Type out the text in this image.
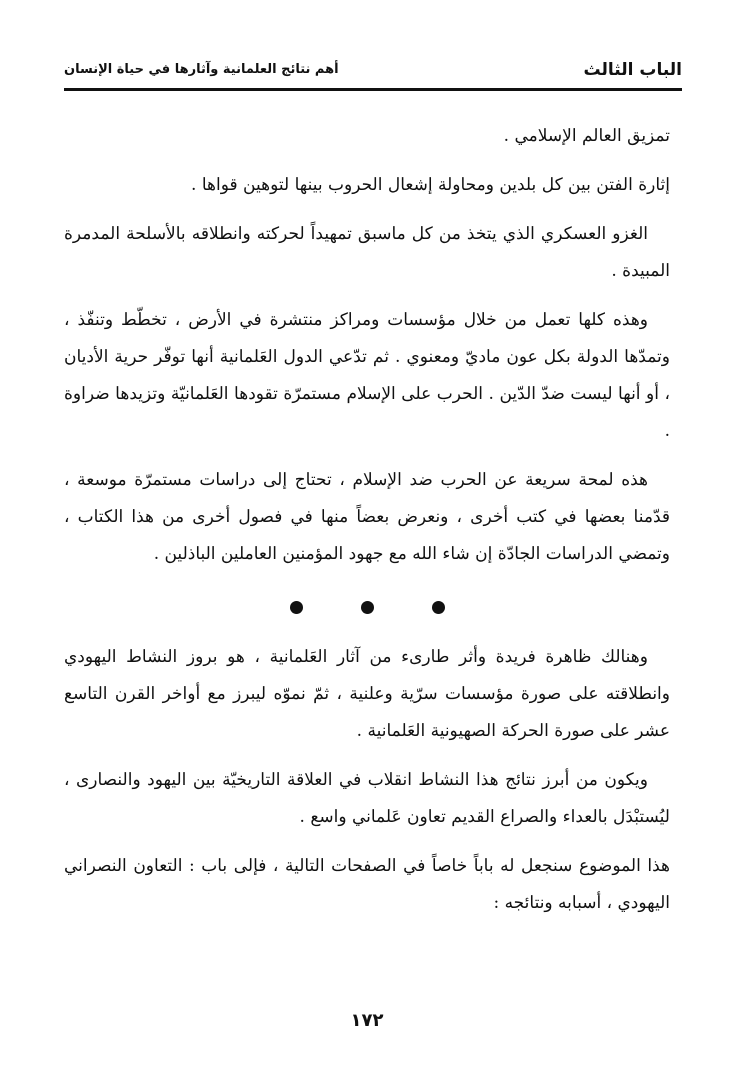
الباب الثالث
أهم نتائج العلمانية وآثارها في حياة الإنسان

تمزيق العالم الإسلامي .

إثارة الفتن بين كل بلدين ومحاولة إشعال الحروب بينها لتوهين قواها .

الغزو العسكري الذي يتخذ من كل ماسبق تمهيداً لحركته وانطلاقه بالأسلحة المدمرة المبيدة .

وهذه كلها تعمل من خلال مؤسسات ومراكز منتشرة في الأرض ، تخطّط وتنفّذ ، وتمدّها الدولة بكل عون ماديّ ومعنوي . ثم تدّعي الدول العَلمانية أنها توفّر حرية الأديان ، أو أنها ليست ضدّ الدّين . الحرب على الإسلام مستمرّة تقودها العَلمانيّة وتزيدها ضراوة .

هذه لمحة سريعة عن الحرب ضد الإسلام ، تحتاج إلى دراسات مستمرّة موسعة ، قدّمنا بعضها في كتب أخرى ، ونعرض بعضاً منها في فصول أخرى من هذا الكتاب ، وتمضي الدراسات الجادّة إن شاء الله مع جهود المؤمنين العاملين الباذلين .

وهنالك ظاهرة فريدة وأثر طارىء من آثار العَلمانية ، هو بروز النشاط اليهودي وانطلاقته على صورة مؤسسات سرّية وعلنية ، ثمّ نموّه ليبرز مع أواخر القرن التاسع عشر على صورة الحركة الصهيونية العَلمانية .

ويكون من أبرز نتائج هذا النشاط انقلاب في العلاقة التاريخيّة بين اليهود والنصارى ، ليُستبْدَل بالعداء والصراع القديم تعاون عَلماني واسع .

هذا الموضوع سنجعل له باباً خاصاً في الصفحات التالية ، فإلى باب : التعاون النصراني اليهودي ، أسبابه ونتائجه :

١٧٢
